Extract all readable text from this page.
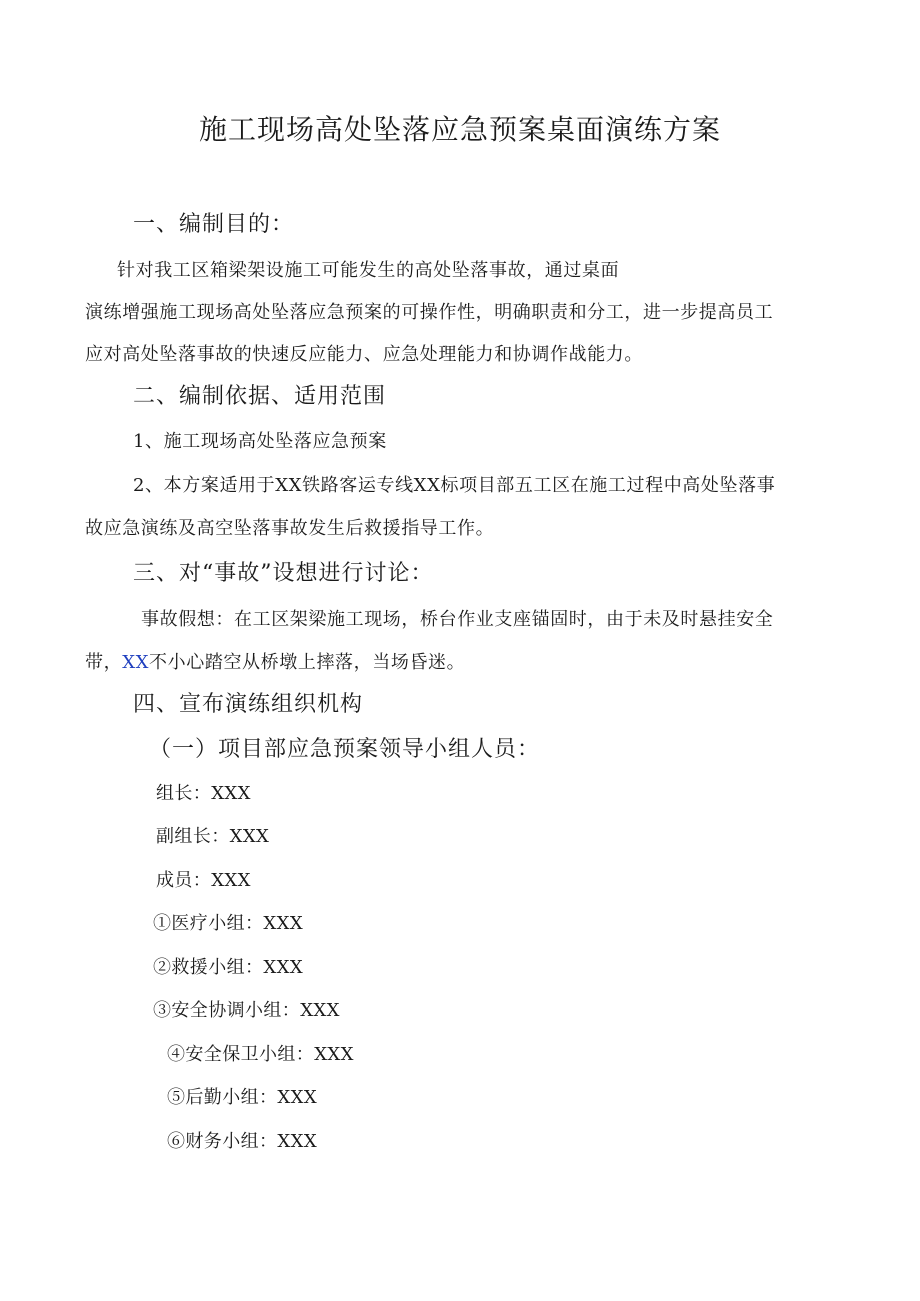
施工现场高处坠落应急预案桌面演练方案
一、编制目的：
针对我工区箱梁架设施工可能发生的高处坠落事故，通过桌面
演练增强施工现场高处坠落应急预案的可操作性，明确职责和分工，进一步提高员工
应对高处坠落事故的快速反应能力、应急处理能力和协调作战能力。
二、编制依据、适用范围
1、施工现场高处坠落应急预案
2、本方案适用于XX铁路客运专线XX标项目部五工区在施工过程中高处坠落事
故应急演练及高空坠落事故发生后救援指导工作。
三、对“事故”设想进行讨论：
事故假想：在工区架梁施工现场，桥台作业支座锚固时，由于未及时悬挂安全
带，XX不小心踏空从桥墩上摔落，当场昏迷。
四、宣布演练组织机构
（一）项目部应急预案领导小组人员：
组长：XXX
副组长：XXX
成员：XXX
①医疗小组：XXX
②救援小组：XXX
③安全协调小组：XXX
④安全保卫小组：XXX
⑤后勤小组：XXX
⑥财务小组：XXX
